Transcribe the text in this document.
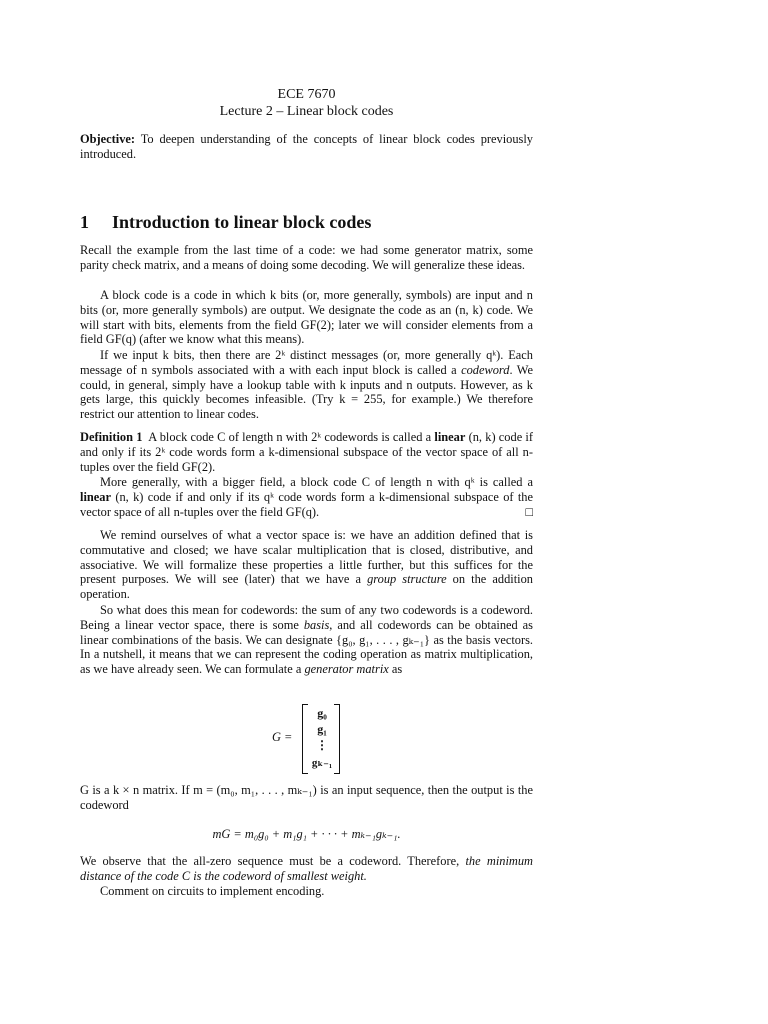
ECE 7670
Lecture 2 – Linear block codes

Objective: To deepen understanding of the concepts of linear block codes previously introduced.

1 Introduction to linear block codes

Recall the example from the last time of a code: we had some generator matrix, some parity check matrix, and a means of doing some decoding. We will generalize these ideas.

A block code is a code in which k bits (or, more generally, symbols) are input and n bits (or, more generally symbols) are output. We designate the code as an (n, k) code. We will start with bits, elements from the field GF(2); later we will consider elements from a field GF(q) (after we know what this means).

If we input k bits, then there are 2ᵏ distinct messages (or, more generally qᵏ). Each message of n symbols associated with a with each input block is called a codeword. We could, in general, simply have a lookup table with k inputs and n outputs. However, as k gets large, this quickly becomes infeasible. (Try k = 255, for example.) We therefore restrict our attention to linear codes.

Definition 1 A block code C of length n with 2ᵏ codewords is called a linear (n, k) code if and only if its 2ᵏ code words form a k-dimensional subspace of the vector space of all n-tuples over the field GF(2).

More generally, with a bigger field, a block code C of length n with qᵏ is called a linear (n, k) code if and only if its qᵏ code words form a k-dimensional subspace of the vector space of all n-tuples over the field GF(q).	□

We remind ourselves of what a vector space is: we have an addition defined that is commutative and closed; we have scalar multiplication that is closed, distributive, and associative. We will formalize these properties a little further, but this suffices for the present purposes. We will see (later) that we have a group structure on the addition operation.

So what does this mean for codewords: the sum of any two codewords is a codeword. Being a linear vector space, there is some basis, and all codewords can be obtained as linear combinations of the basis. We can designate {g₀, g₁, . . . , gₖ₋₁} as the basis vectors. In a nutshell, it means that we can represent the coding operation as matrix multiplication, as we have already seen. We can formulate a generator matrix as

G =
g₀
g₁
⋮
gₖ₋₁

G is a k × n matrix. If m = (m₀, m₁, . . . , mₖ₋₁) is an input sequence, then the output is the codeword

mG = m₀g₀ + m₁g₁ + · · · + mₖ₋₁gₖ₋₁.

We observe that the all-zero sequence must be a codeword. Therefore, the minimum distance of the code C is the codeword of smallest weight.

Comment on circuits to implement encoding.
